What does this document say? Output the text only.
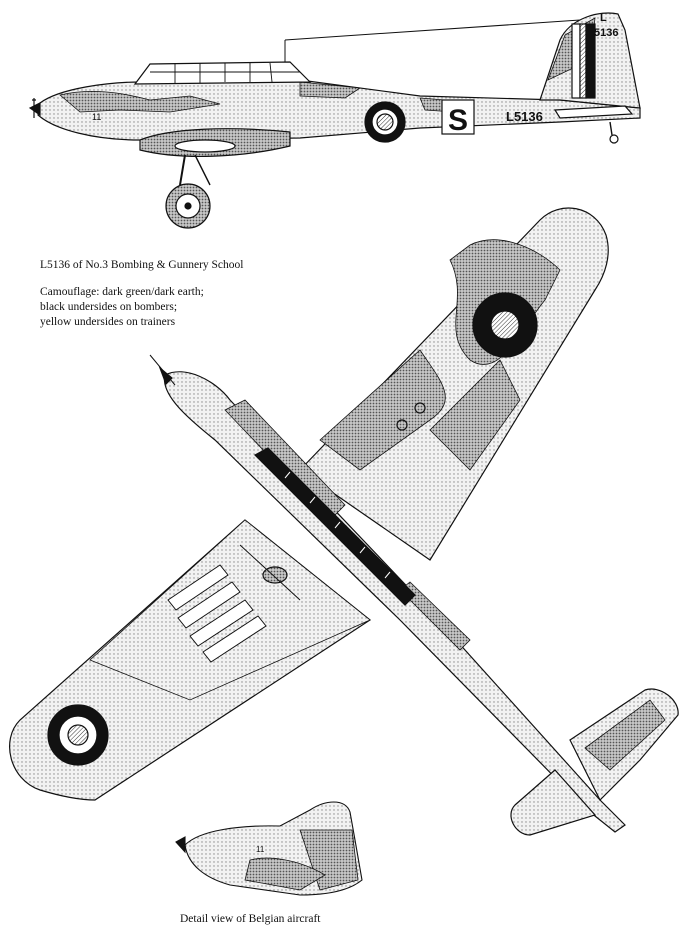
L
5136
L5136
S
11
11
L5136 of No.3 Bombing & Gunnery School
Camouflage: dark green/dark earth;
black undersides on bombers;
yellow undersides on trainers
Detail view of Belgian aircraft
